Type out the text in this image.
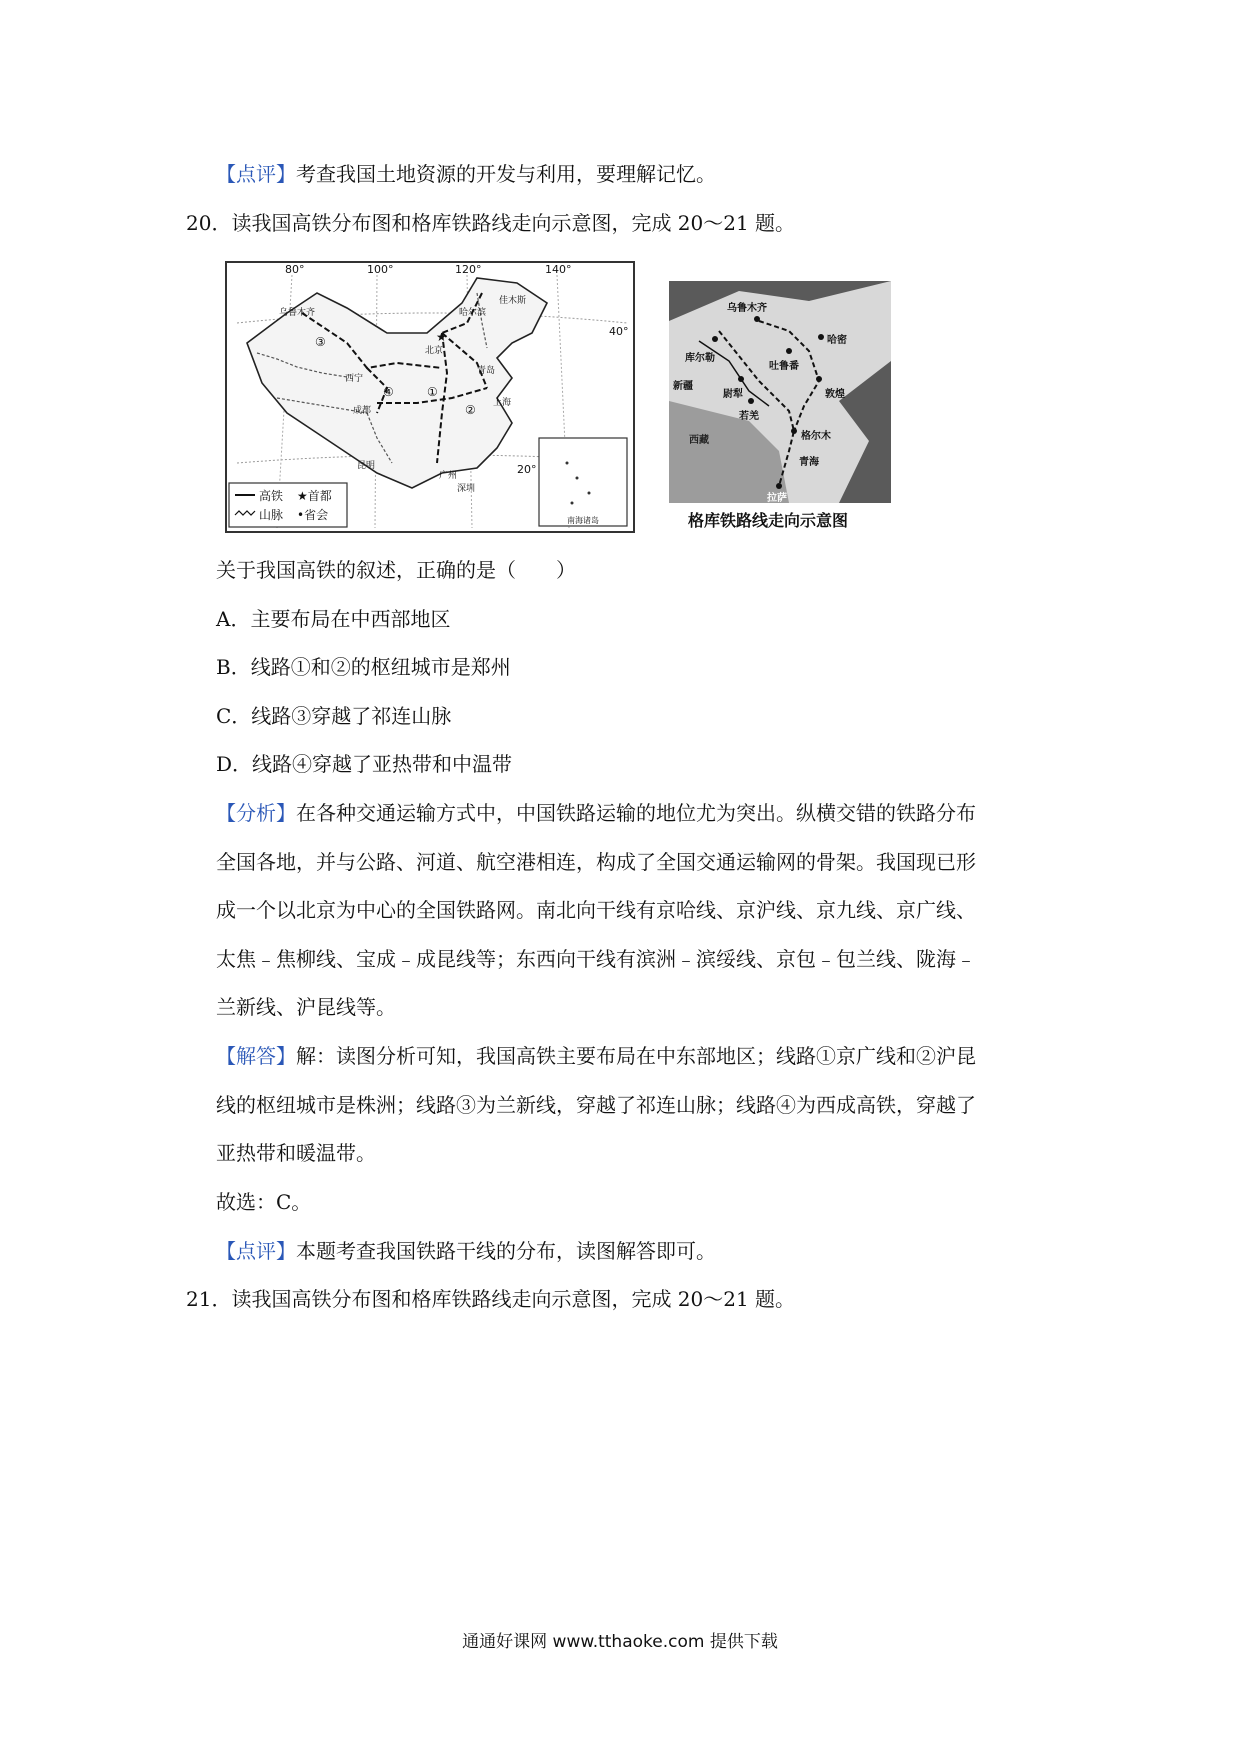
【点评】考查我国土地资源的开发与利用，要理解记忆。
20．读我国高铁分布图和格库铁路线走向示意图，完成 20～21 题。
★
80°	100°	120°	140°
40°
20°
乌鲁木齐	哈尔滨
佳木斯
北京
西宁
青岛
成都
上海
昆明
广州
深圳
①
②
③
④
高铁 ★首都
山脉 •省会	南海诸岛
乌鲁木齐
库尔勒
哈密
吐鲁番
新疆
尉犁	敦煌
若羌
格尔木
西藏
青海
拉萨
格库铁路线走向示意图
关于我国高铁的叙述，正确的是（　　）
A．主要布局在中西部地区
B．线路①和②的枢纽城市是郑州
C．线路③穿越了祁连山脉
D．线路④穿越了亚热带和中温带
【分析】在各种交通运输方式中，中国铁路运输的地位尤为突出。纵横交错的铁路分布
全国各地，并与公路、河道、航空港相连，构成了全国交通运输网的骨架。我国现已形
成一个以北京为中心的全国铁路网。南北向干线有京哈线、京沪线、京九线、京广线、
太焦﹣焦柳线、宝成﹣成昆线等；东西向干线有滨洲﹣滨绥线、京包﹣包兰线、陇海﹣
兰新线、沪昆线等。
【解答】解：读图分析可知，我国高铁主要布局在中东部地区；线路①京广线和②沪昆
线的枢纽城市是株洲；线路③为兰新线，穿越了祁连山脉；线路④为西成高铁，穿越了
亚热带和暖温带。
故选：C。
【点评】本题考查我国铁路干线的分布，读图解答即可。
21．读我国高铁分布图和格库铁路线走向示意图，完成 20～21 题。
通通好课网 www.tthaoke.com 提供下载
